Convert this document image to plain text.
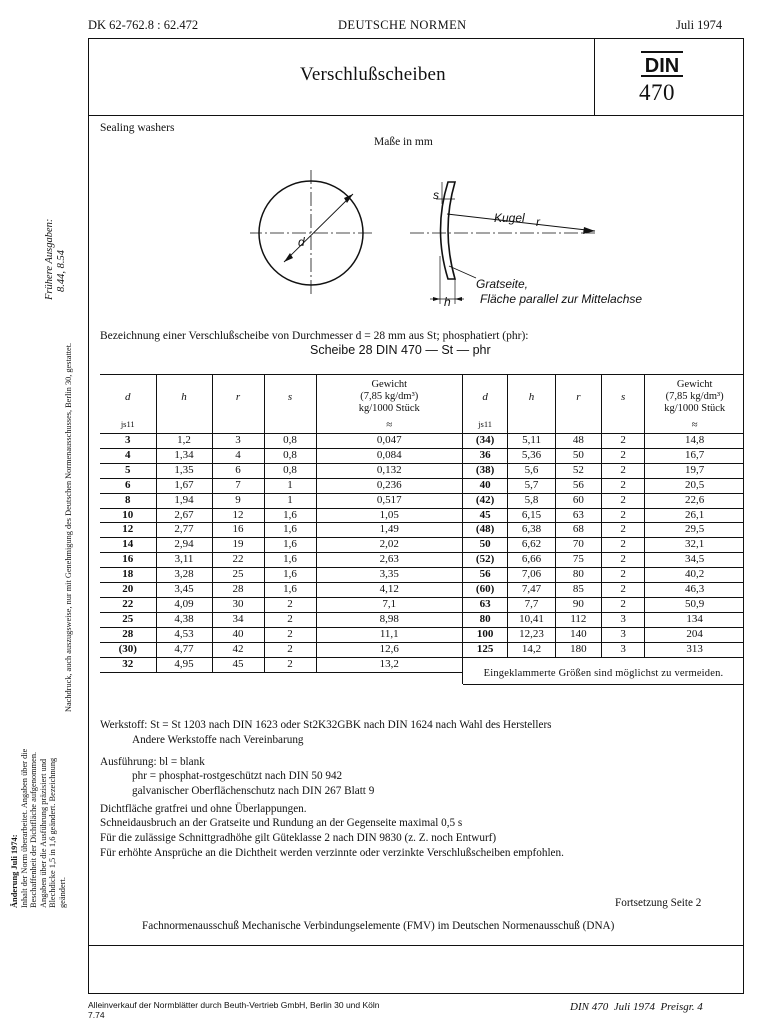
DK 62-762.8 : 62.472	DEUTSCHE NORMEN	Juli 1974
Verschlußscheiben	DIN
470
Sealing washers
Maße in mm
s
d
Kugel r
Gratseite,
Fläche parallel zur Mittelachse
h
Bezeichnung einer Verschlußscheibe von Durchmesser d = 28 mm aus St; phosphatiert (phr):
Scheibe 28 DIN 470 — St — phr
d	h	r	s	Gewicht
(7,85 kg/dm³)
kg/1000 Stück

js11				≈
3	1,2	3	0,8	0,047
4	1,34	4	0,8	0,084
5	1,35	6	0,8	0,132
6	1,67	7	1	0,236
8	1,94	9	1	0,517
10	2,67	12	1,6	1,05
12	2,77	16	1,6	1,49
14	2,94	19	1,6	2,02
16	3,11	22	1,6	2,63
18	3,28	25	1,6	3,35
20	3,45	28	1,6	4,12
22	4,09	30	2	7,1
25	4,38	34	2	8,98
28	4,53	40	2	11,1
(30)	4,77	42	2	12,6
32	4,95	45	2	13,2
d	h	r	s	Gewicht
(7,85 kg/dm³)
kg/1000 Stück

js11				≈
(34)	5,11	48	2	14,8
36	5,36	50	2	16,7
(38)	5,6	52	2	19,7
40	5,7	56	2	20,5
(42)	5,8	60	2	22,6
45	6,15	63	2	26,1
(48)	6,38	68	2	29,5
50	6,62	70	2	32,1
(52)	6,66	75	2	34,5
56	7,06	80	2	40,2
(60)	7,47	85	2	46,3
63	7,7	90	2	50,9
80	10,41	112	3	134
100	12,23	140	3	204
125	14,2	180	3	313
Eingeklammerte Größen sind möglichst zu vermeiden.
Werkstoff: St = St 1203 nach DIN 1623 oder St2K32GBK nach DIN 1624 nach Wahl des Herstellers
Andere Werkstoffe nach Vereinbarung
Ausführung: bl = blank
phr = phosphat-rostgeschützt nach DIN 50 942
galvanischer Oberflächenschutz nach DIN 267 Blatt 9
Dichtfläche gratfrei und ohne Überlappungen.
Schneidausbruch an der Gratseite und Rundung an der Gegenseite maximal 0,5 s
Für die zulässige Schnittgradhöhe gilt Güteklasse 2 nach DIN 9830 (z. Z. noch Entwurf)
Für erhöhte Ansprüche an die Dichtheit werden verzinnte oder verzinkte Verschlußscheiben empfohlen.
Fortsetzung Seite 2
Fachnormenausschuß Mechanische Verbindungselemente (FMV) im Deutschen Normenausschuß (DNA)
Alleinverkauf der Normblätter durch Beuth-Vertrieb GmbH, Berlin 30 und Köln
7.74
DIN 470  Juli 1974  Preisgr. 4
Frühere Ausgaben: 8.44, 8.54
Nachdruck, auch auszugsweise, nur mit Genehmigung des Deutschen Normenausschusses, Berlin 30, gestattet.
Änderung Juli 1974: Inhalt der Norm überarbeitet. Angaben über die Beschaffenheit der Dichtfläche aufgenommen. Angaben über die Ausführung präzisiert und Blechdicke 1,5 in 1,6 geändert. Bezeichnung geändert.
